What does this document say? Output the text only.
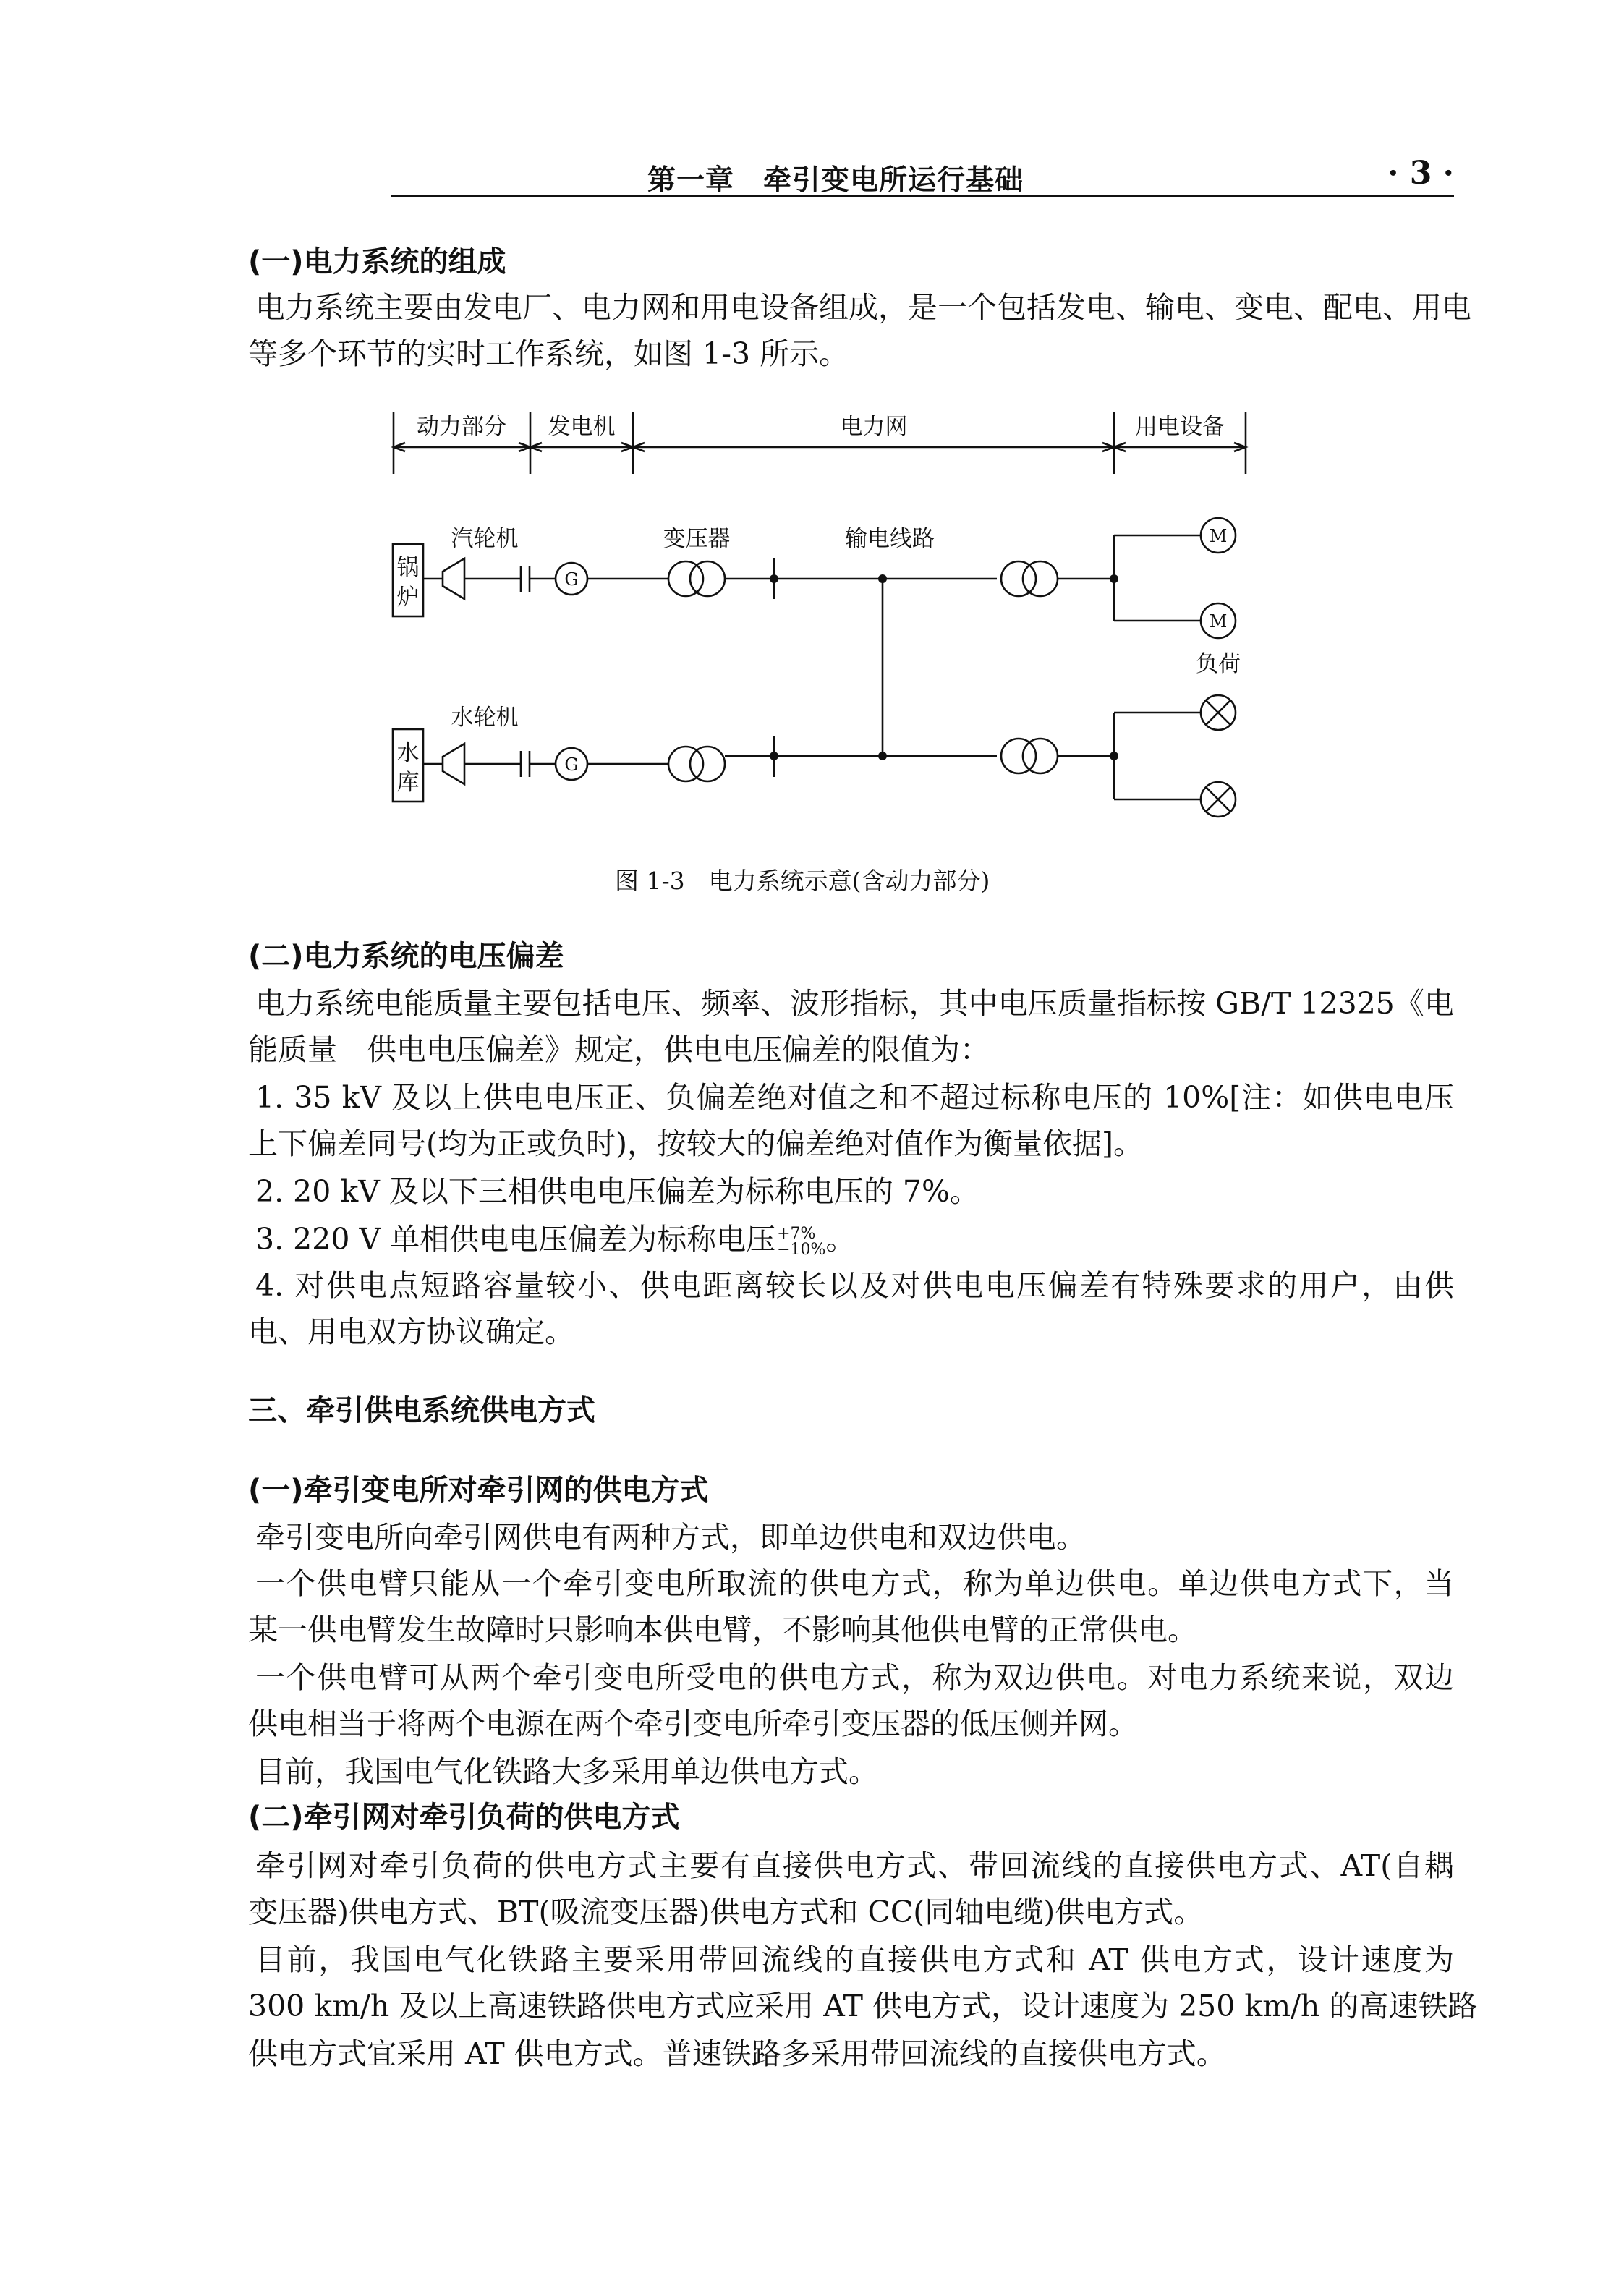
第一章　牵引变电所运行基础	· 3 ·
(一)电力系统的组成
电力系统主要由发电厂、电力网和用电设备组成，是一个包括发电、输电、变电、配电、用电
等多个环节的实时工作系统，如图 1-3 所示。
动力部分 发电机	电力网	用电设备
汽轮机
水轮机
变压器	输电线路
负荷
锅
炉
水
库
G
G
M
M
图 1-3　电力系统示意(含动力部分)
(二)电力系统的电压偏差
电力系统电能质量主要包括电压、频率、波形指标，其中电压质量指标按 GB/T 12325《电
能质量　供电电压偏差》规定，供电电压偏差的限值为：
1. 35 kV 及以上供电电压正、负偏差绝对值之和不超过标称电压的 10%[注：如供电电压
上下偏差同号(均为正或负时)，按较大的偏差绝对值作为衡量依据]。
2. 20 kV 及以下三相供电电压偏差为标称电压的 7%。
3. 220 V 单相供电电压偏差为标称电压 +7%
−10% 。
4. 对供电点短路容量较小、供电距离较长以及对供电电压偏差有特殊要求的用户，由供
电、用电双方协议确定。
三、牵引供电系统供电方式
(一)牵引变电所对牵引网的供电方式
牵引变电所向牵引网供电有两种方式，即单边供电和双边供电。
一个供电臂只能从一个牵引变电所取流的供电方式，称为单边供电。单边供电方式下，当
某一供电臂发生故障时只影响本供电臂，不影响其他供电臂的正常供电。
一个供电臂可从两个牵引变电所受电的供电方式，称为双边供电。对电力系统来说，双边
供电相当于将两个电源在两个牵引变电所牵引变压器的低压侧并网。
目前，我国电气化铁路大多采用单边供电方式。
(二)牵引网对牵引负荷的供电方式
牵引网对牵引负荷的供电方式主要有直接供电方式、带回流线的直接供电方式、AT(自耦
变压器)供电方式、BT(吸流变压器)供电方式和 CC(同轴电缆)供电方式。
目前，我国电气化铁路主要采用带回流线的直接供电方式和 AT 供电方式，设计速度为
300 km/h 及以上高速铁路供电方式应采用 AT 供电方式，设计速度为 250 km/h 的高速铁路
供电方式宜采用 AT 供电方式。普速铁路多采用带回流线的直接供电方式。
